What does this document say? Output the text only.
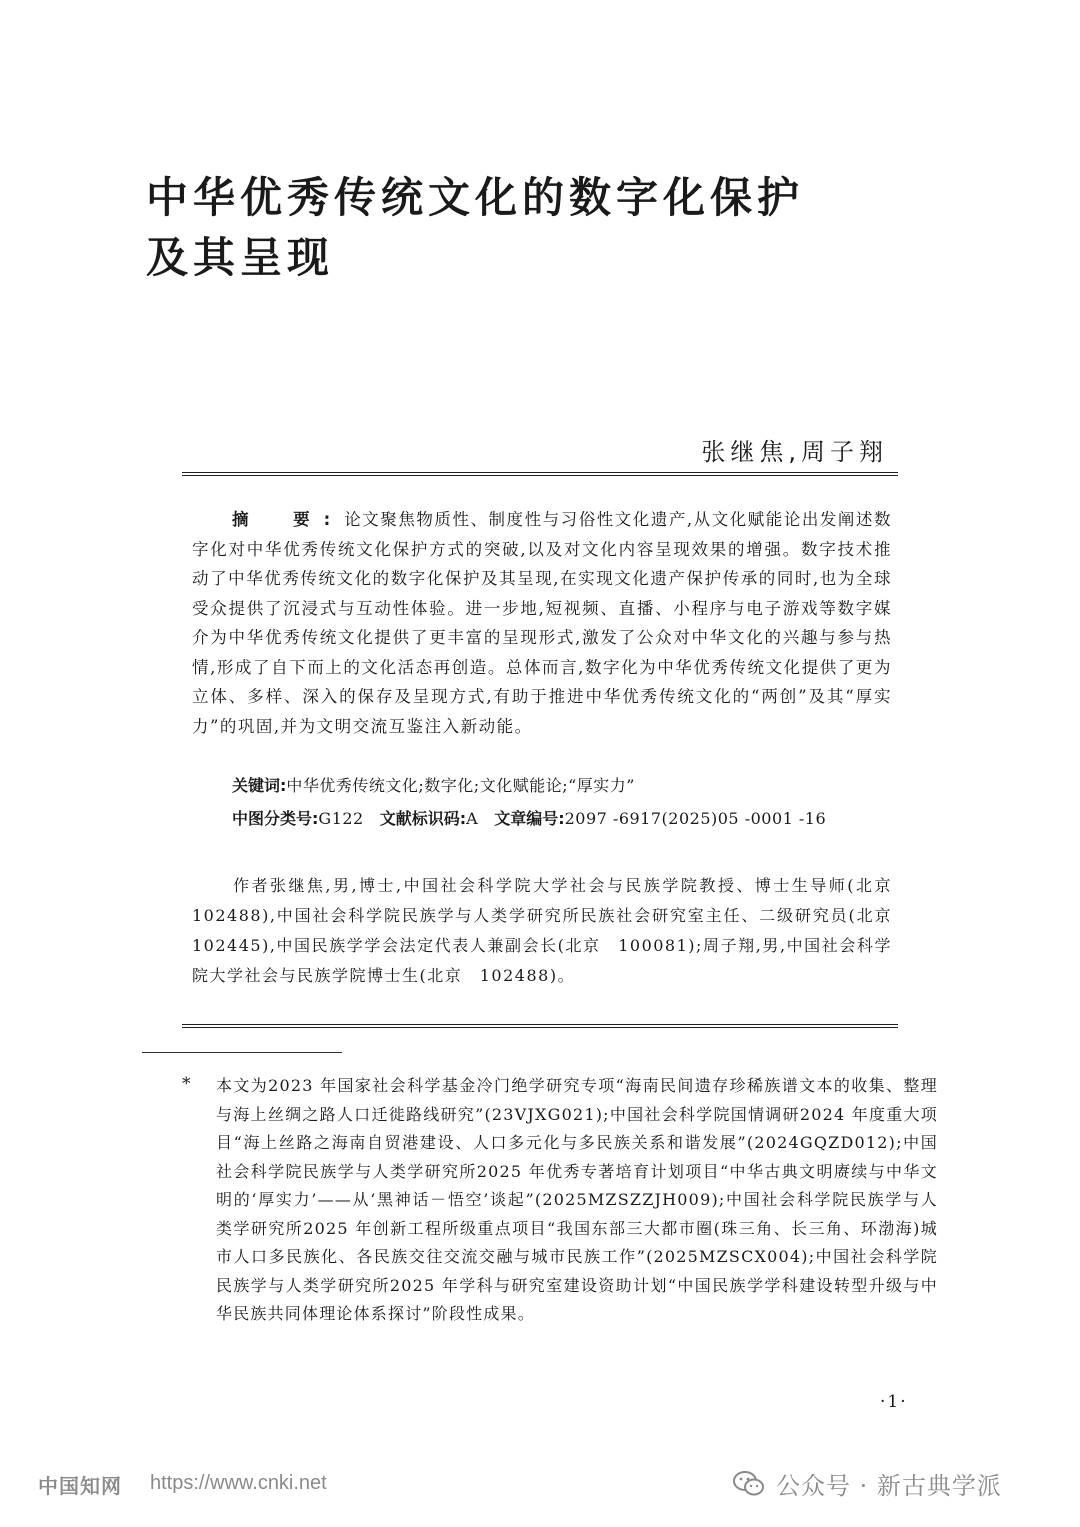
中华优秀传统文化的数字化保护
及其呈现
张继焦,周子翔

摘　要:论文聚焦物质性、制度性与习俗性文化遗产,从文化赋能论出发阐述数字化对中华优秀传统文化保护方式的突破,以及对文化内容呈现效果的增强。数字技术推动了中华优秀传统文化的数字化保护及其呈现,在实现文化遗产保护传承的同时,也为全球受众提供了沉浸式与互动性体验。进一步地,短视频、直播、小程序与电子游戏等数字媒介为中华优秀传统文化提供了更丰富的呈现形式,激发了公众对中华文化的兴趣与参与热情,形成了自下而上的文化活态再创造。总体而言,数字化为中华优秀传统文化提供了更为立体、多样、深入的保存及呈现方式,有助于推进中华优秀传统文化的“两创”及其“厚实力”的巩固,并为文明交流互鉴注入新动能。

关键词:中华优秀传统文化;数字化;文化赋能论;“厚实力”
中图分类号:G122 文献标识码:A 文章编号:2097 -6917(2025)05 -0001 -16

作者张继焦,男,博士,中国社会科学院大学社会与民族学院教授、博士生导师(北京　102488),中国社会科学院民族学与人类学研究所民族社会研究室主任、二级研究员(北京　102445),中国民族学学会法定代表人兼副会长(北京　100081);周子翔,男,中国社会科学院大学社会与民族学院博士生(北京　102488)。

* 本文为2023 年国家社会科学基金冷门绝学研究专项“海南民间遗存珍稀族谱文本的收集、整理与海上丝绸之路人口迁徙路线研究”(23VJXG021);中国社会科学院国情调研2024 年度重大项目“海上丝路之海南自贸港建设、人口多元化与多民族关系和谐发展”(2024GQZD012);中国社会科学院民族学与人类学研究所2025 年优秀专著培育计划项目“中华古典文明赓续与中华文明的‘厚实力’——从‘黑神话－悟空’谈起”(2025MZSZZJH009);中国社会科学院民族学与人类学研究所2025 年创新工程所级重点项目“我国东部三大都市圈(珠三角、长三角、环渤海)城市人口多民族化、各民族交往交流交融与城市民族工作”(2025MZSCX004);中国社会科学院民族学与人类学研究所2025 年学科与研究室建设资助计划“中国民族学学科建设转型升级与中华民族共同体理论体系探讨”阶段性成果。

·1·
中国知网 https://www.cnki.net	公众号 · 新古典学派
